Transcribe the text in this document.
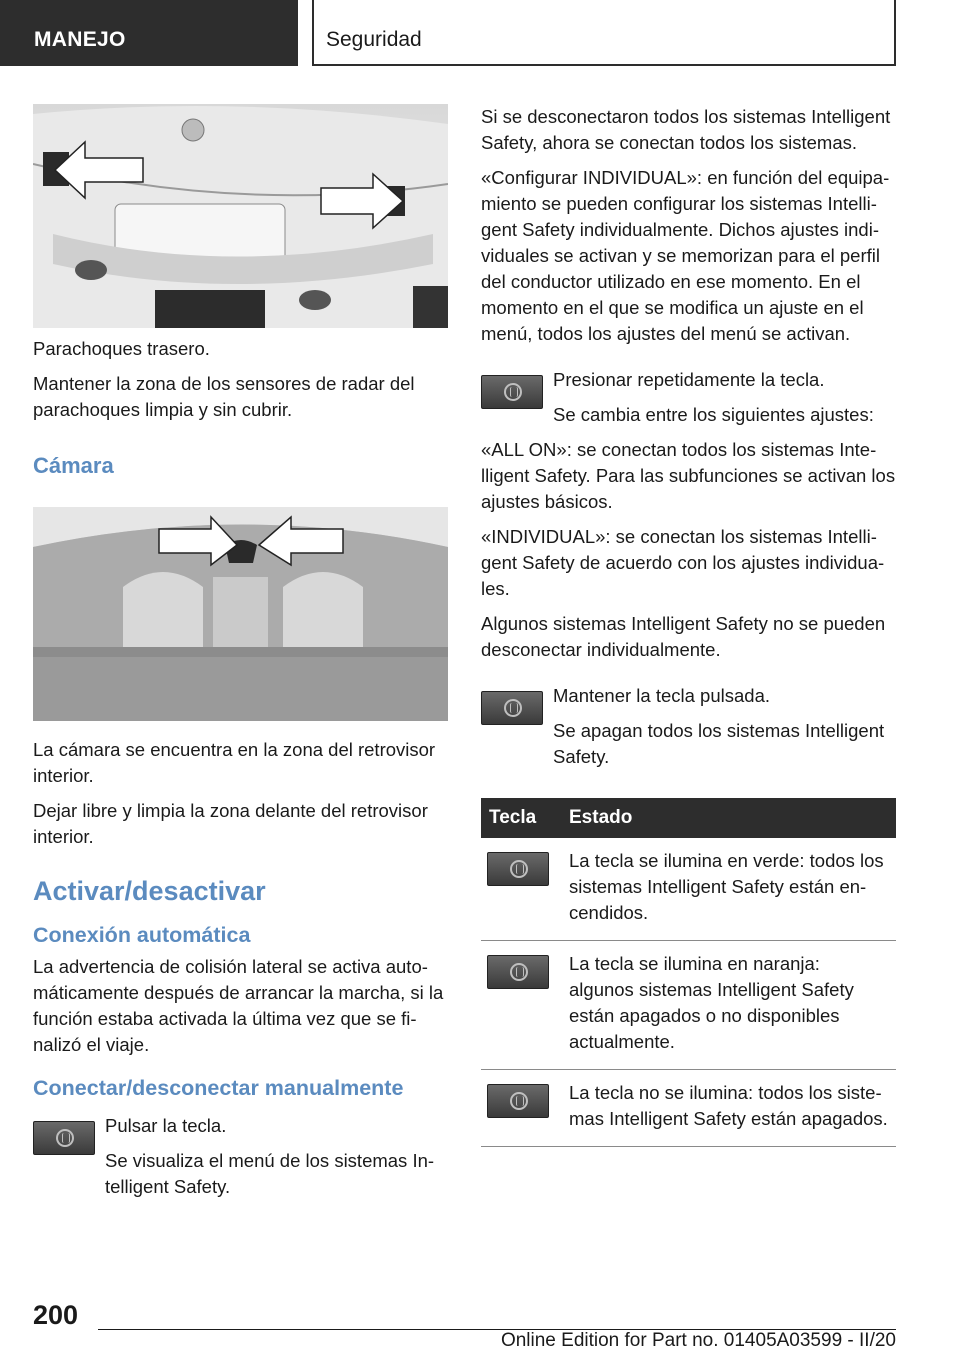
MANEJO	Seguridad

Parachoques trasero.

Mantener la zona de los sensores de radar del parachoques limpia y sin cubrir.

Cámara

La cámara se encuentra en la zona del retrovisor interior.

Dejar libre y limpia la zona delante del retrovisor interior.

Activar/desactivar
Conexión automática

La advertencia de colisión lateral se activa automáticamente después de arrancar la marcha, si la función estaba activada la última vez que se finalizó el viaje.

Conectar/desconectar manualmente

Pulsar la tecla.

Se visualiza el menú de los sistemas Intelligent Safety.

Si se desconectaron todos los sistemas Intelligent Safety, ahora se conectan todos los sistemas.

«Configurar INDIVIDUAL»: en función del equipamiento se pueden configurar los sistemas Intelligent Safety individualmente. Dichos ajustes individuales se activan y se memorizan para el perfil del conductor utilizado en ese momento. En el momento en el que se modifica un ajuste en el menú, todos los ajustes del menú se activan.

Presionar repetidamente la tecla.

Se cambia entre los siguientes ajustes:

«ALL ON»: se conectan todos los sistemas Intelligent Safety. Para las subfunciones se activan los ajustes básicos.

«INDIVIDUAL»: se conectan los sistemas Intelligent Safety de acuerdo con los ajustes individuales.

Algunos sistemas Intelligent Safety no se pueden desconectar individualmente.

Mantener la tecla pulsada.

Se apagan todos los sistemas Intelligent Safety.

Tecla	Estado

	La tecla se ilumina en verde: todos los sistemas Intelligent Safety están encendidos.

	La tecla se ilumina en naranja: algunos sistemas Intelligent Safety están apagados o no disponibles actualmente.

	La tecla no se ilumina: todos los sistemas Intelligent Safety están apagados.
200
Online Edition for Part no. 01405A03599 - II/20
